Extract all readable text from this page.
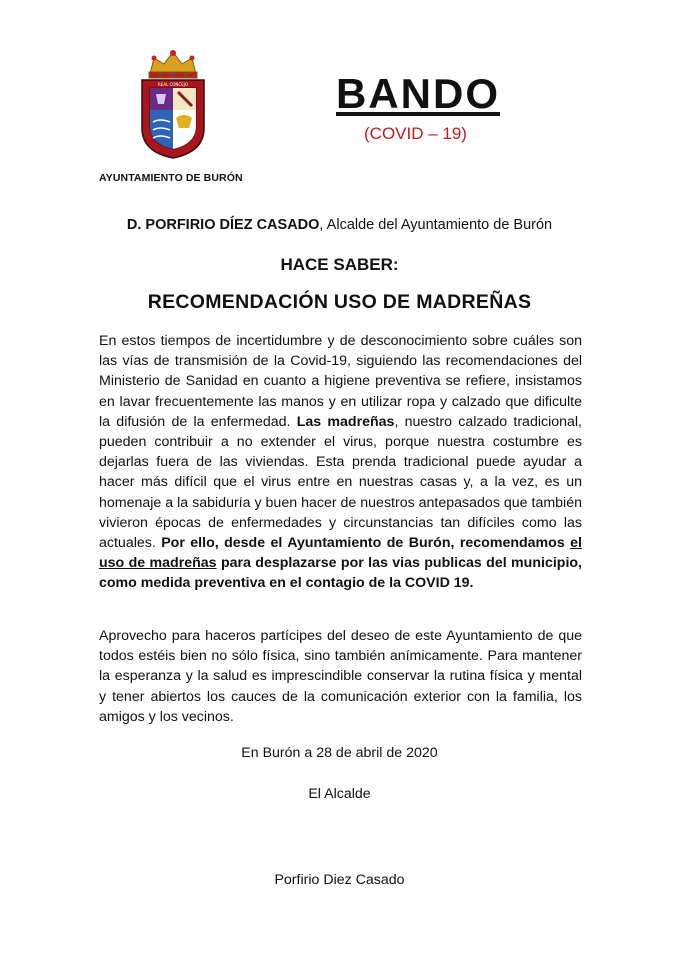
REAL CONCEJO
AYUNTAMIENTO DE BURÓN
BANDO
(COVID – 19)
D. PORFIRIO DÍEZ CASADO, Alcalde del Ayuntamiento de Burón
HACE SABER:
RECOMENDACIÓN USO DE MADREÑAS
En estos tiempos de incertidumbre y de desconocimiento sobre cuáles son las vías de transmisión de la Covid-19, siguiendo las recomendaciones del Ministerio de Sanidad en cuanto a higiene preventiva se refiere, insistamos en lavar frecuentemente las manos y en utilizar ropa y calzado que dificulte la difusión de la enfermedad. Las madreñas, nuestro calzado tradicional, pueden contribuir a no extender el virus, porque nuestra costumbre es dejarlas fuera de las viviendas. Esta prenda tradicional puede ayudar a hacer más difícil que el virus entre en nuestras casas y, a la vez, es un homenaje a la sabiduría y buen hacer de nuestros antepasados que también vivieron épocas de enfermedades y circunstancias tan difíciles como las actuales. Por ello, desde el Ayuntamiento de Burón, recomendamos el uso de madreñas para desplazarse por las vias publicas del municipio, como medida preventiva en el contagio de la COVID 19.
Aprovecho para haceros partícipes del deseo de este Ayuntamiento de que todos estéis bien no sólo física, sino también anímicamente. Para mantener la esperanza y la salud es imprescindible conservar la rutina física y mental y tener abiertos los cauces de la comunicación exterior con la familia, los amigos y los vecinos.
En Burón a 28 de abril de 2020
El Alcalde
Porfirio Diez Casado
